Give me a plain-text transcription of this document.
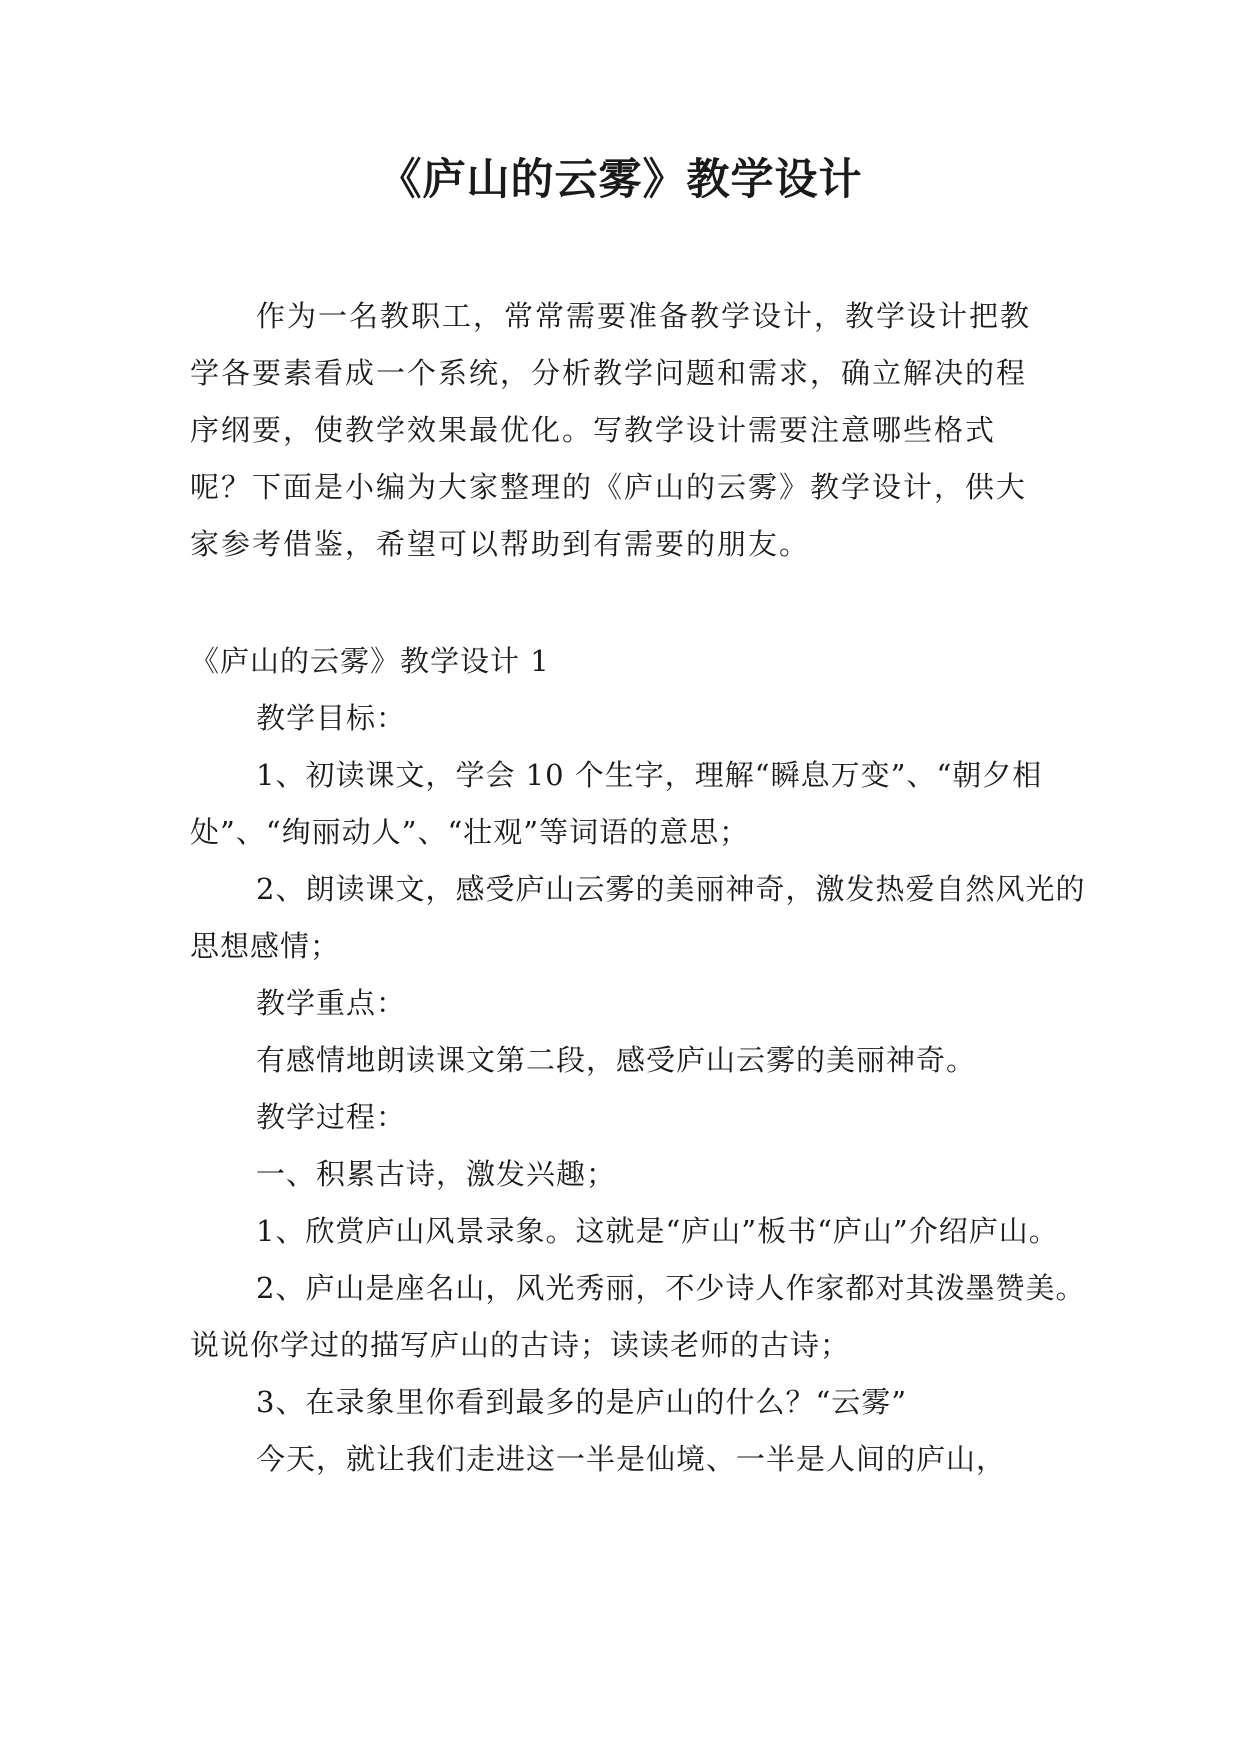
《庐山的云雾》教学设计

作为一名教职工，常常需要准备教学设计，教学设计把教学各要素看成一个系统，分析教学问题和需求，确立解决的程序纲要，使教学效果最优化。写教学设计需要注意哪些格式呢？下面是小编为大家整理的《庐山的云雾》教学设计，供大家参考借鉴，希望可以帮助到有需要的朋友。

《庐山的云雾》教学设计 1

教学目标：

1、初读课文，学会 10 个生字，理解“瞬息万变”、“朝夕相处”、“绚丽动人”、“壮观”等词语的意思；

2、朗读课文，感受庐山云雾的美丽神奇，激发热爱自然风光的思想感情；

教学重点：

有感情地朗读课文第二段，感受庐山云雾的美丽神奇。

教学过程：

一、积累古诗，激发兴趣；

1、欣赏庐山风景录象。这就是“庐山”板书“庐山”介绍庐山。

2、庐山是座名山，风光秀丽，不少诗人作家都对其泼墨赞美。说说你学过的描写庐山的古诗；读读老师的古诗；

3、在录象里你看到最多的是庐山的什么？“云雾”

今天，就让我们走进这一半是仙境、一半是人间的庐山，
